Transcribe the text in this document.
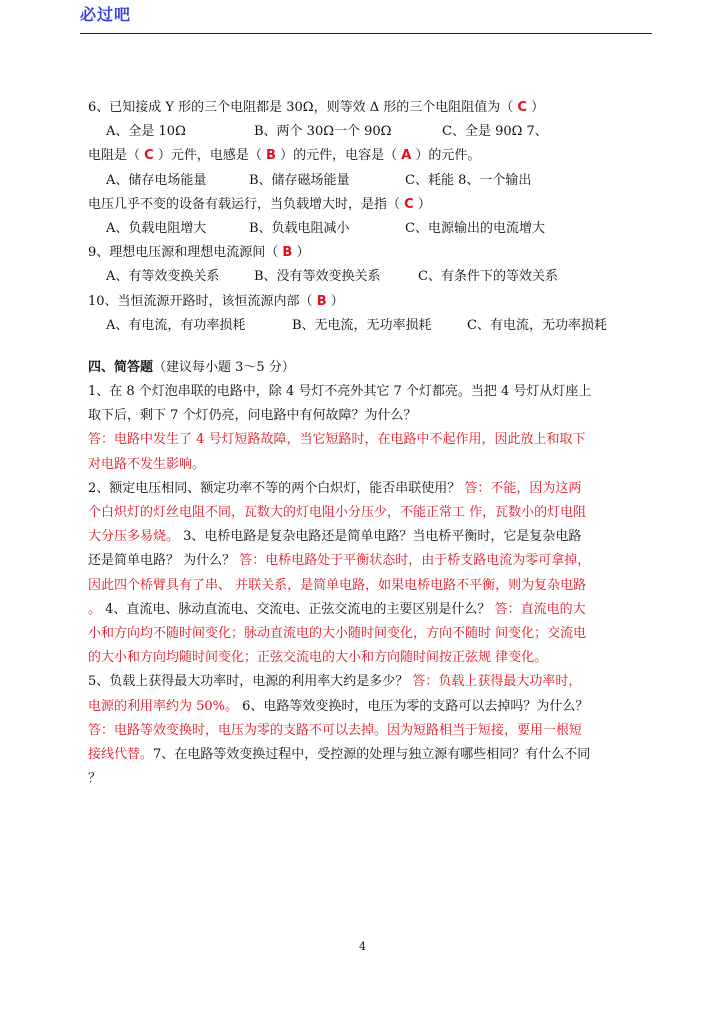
必过吧
6、已知接成 Y 形的三个电阻都是 30Ω，则等效 Δ 形的三个电阻阻值为（ C ）
A、全是 10Ω	B、两个 30Ω一个 90Ω	C、全是 90Ω 7、
电阻是（ C ）元件，电感是（ B ）的元件，电容是（ A ）的元件。
A、储存电场能量	B、储存磁场能量	C、耗能 8、一个输出
电压几乎不变的设备有载运行，当负载增大时，是指（ C ）
A、负载电阻增大	B、负载电阻减小	C、电源输出的电流增大
9、理想电压源和理想电流源间（ B ）
A、有等效变换关系	B、没有等效变换关系	C、有条件下的等效关系
10、当恒流源开路时，该恒流源内部（ B ）
A、有电流，有功率损耗	B、无电流，无功率损耗	C、有电流，无功率损耗
四、简答题（建议每小题 3～5 分）
1、在 8 个灯泡串联的电路中，除 4 号灯不亮外其它 7 个灯都亮。当把 4 号灯从灯座上
取下后，剩下 7 个灯仍亮，问电路中有何故障？为什么？
答：电路中发生了 4 号灯短路故障，当它短路时，在电路中不起作用，因此放上和取下
对电路不发生影响。
2、额定电压相同、额定功率不等的两个白炽灯，能否串联使用？ 答：不能，因为这两
个白炽灯的灯丝电阻不同，瓦数大的灯电阻小分压少，不能正常工 作，瓦数小的灯电阻
大分压多易烧。 3、电桥电路是复杂电路还是简单电路？当电桥平衡时，它是复杂电路
还是简单电路？ 为什么？ 答：电桥电路处于平衡状态时，由于桥支路电流为零可拿掉，
因此四个桥臂具有了串、 并联关系，是简单电路，如果电桥电路不平衡，则为复杂电路
。 4、直流电、脉动直流电、交流电、正弦交流电的主要区别是什么？ 答：直流电的大
小和方向均不随时间变化；脉动直流电的大小随时间变化，方向不随时 间变化；交流电
的大小和方向均随时间变化；正弦交流电的大小和方向随时间按正弦规 律变化。
5、负载上获得最大功率时，电源的利用率大约是多少？ 答：负载上获得最大功率时，
电源的利用率约为 50%。 6、电路等效变换时，电压为零的支路可以去掉吗？为什么？
答：电路等效变换时，电压为零的支路不可以去掉。因为短路相当于短接，要用一根短
接线代替。7、在电路等效变换过程中，受控源的处理与独立源有哪些相同？有什么不同
？
4
